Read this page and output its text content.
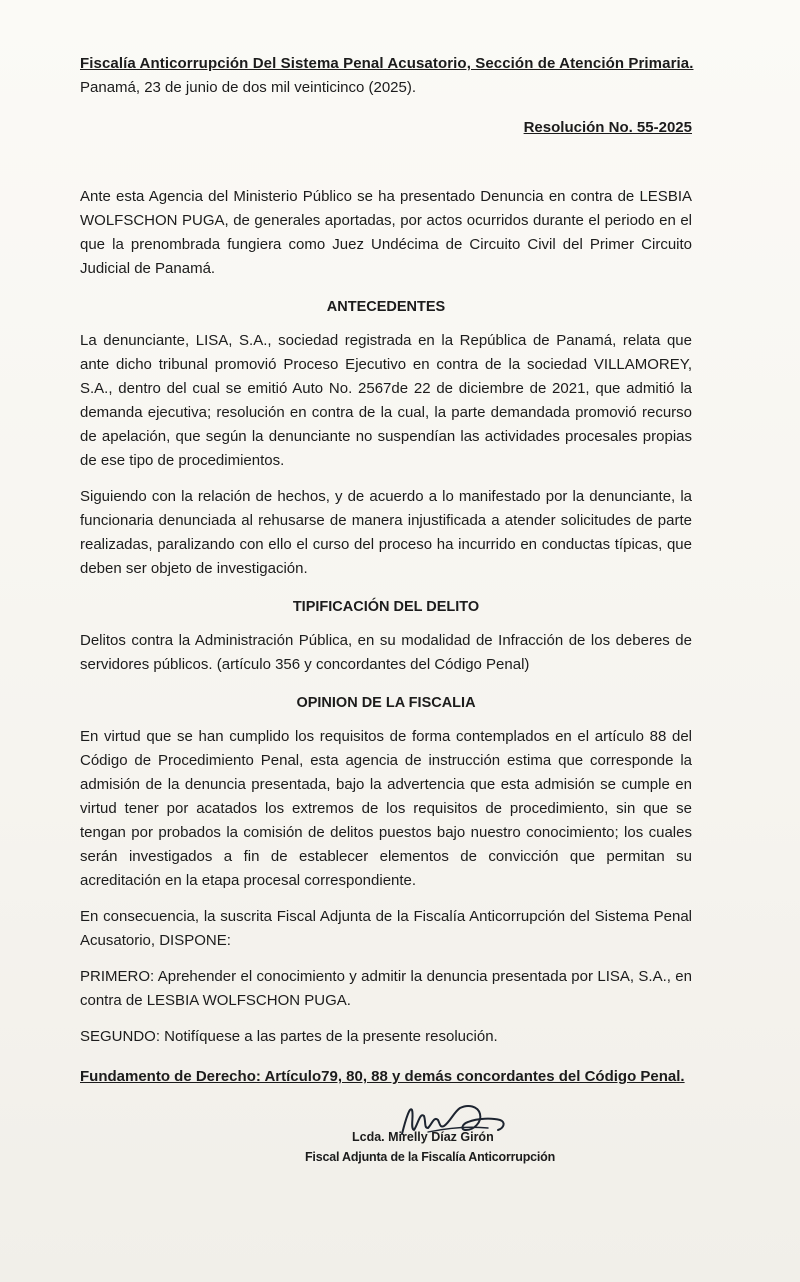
Fiscalía Anticorrupción Del Sistema Penal Acusatorio, Sección de Atención Primaria.
Panamá, 23 de junio de dos mil veinticinco (2025).
Resolución No. 55-2025

Ante esta Agencia del Ministerio Público se ha presentado Denuncia en contra de LESBIA WOLFSCHON PUGA, de generales aportadas, por actos ocurridos durante el periodo en el que la prenombrada fungiera como Juez Undécima de Circuito Civil del Primer Circuito Judicial de Panamá.

ANTECEDENTES

La denunciante, LISA, S.A., sociedad registrada en la República de Panamá, relata que ante dicho tribunal promovió Proceso Ejecutivo en contra de la sociedad VILLAMOREY, S.A., dentro del cual se emitió Auto No. 2567de 22 de diciembre de 2021, que admitió la demanda ejecutiva; resolución en contra de la cual, la parte demandada promovió recurso de apelación, que según la denunciante no suspendían las actividades procesales propias de ese tipo de procedimientos.

Siguiendo con la relación de hechos, y de acuerdo a lo manifestado por la denunciante, la funcionaria denunciada al rehusarse de manera injustificada a atender solicitudes de parte realizadas, paralizando con ello el curso del proceso ha incurrido en conductas típicas, que deben ser objeto de investigación.

TIPIFICACIÓN DEL DELITO

Delitos contra la Administración Pública, en su modalidad de Infracción de los deberes de servidores públicos. (artículo 356 y concordantes del Código Penal)

OPINION DE LA FISCALIA

En virtud que se han cumplido los requisitos de forma contemplados en el artículo 88 del Código de Procedimiento Penal, esta agencia de instrucción estima que corresponde la admisión de la denuncia presentada, bajo la advertencia que esta admisión se cumple en virtud tener por acatados los extremos de los requisitos de procedimiento, sin que se tengan por probados la comisión de delitos puestos bajo nuestro conocimiento; los cuales serán investigados a fin de establecer elementos de convicción que permitan su acreditación en la etapa procesal correspondiente.

En consecuencia, la suscrita Fiscal Adjunta de la Fiscalía Anticorrupción del Sistema Penal Acusatorio, DISPONE:

PRIMERO: Aprehender el conocimiento y admitir la denuncia presentada por LISA, S.A., en contra de LESBIA WOLFSCHON PUGA.

SEGUNDO: Notifíquese a las partes de la presente resolución.

Fundamento de Derecho: Artículo79, 80, 88 y demás concordantes del Código Penal.
Lcda. Mirelly Díaz Girón
Fiscal Adjunta de la Fiscalía Anticorrupción
